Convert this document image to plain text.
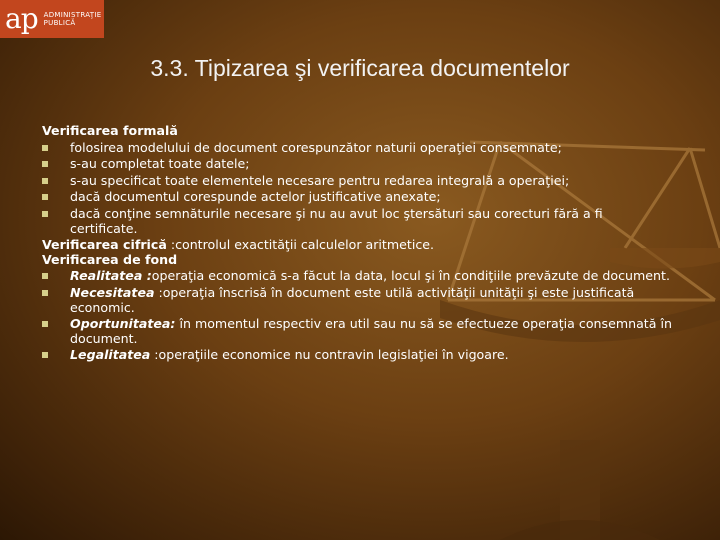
ap ADMINISTRAŢIE
PUBLICĂ
3.3. Tipizarea şi verificarea documentelor
Verificarea formală
folosirea modelului de document corespunzător naturii operaţiei consemnate;
s-au completat toate datele;
s-au specificat toate elementele necesare pentru redarea integrală a operaţiei;
dacă documentul corespunde actelor justificative anexate;
dacă conţine semnăturile necesare şi nu au avut loc ştersături sau corecturi fără a fi certificate.
Verificarea cifrică :controlul exactităţii calculelor aritmetice.
Verificarea de fond
Realitatea :operaţia economică s-a făcut la data, locul şi în condiţiile prevăzute de document.
Necesitatea :operaţia înscrisă în document este utilă activităţii unităţii şi este justificată economic.
Oportunitatea: în momentul respectiv era util sau nu să se efectueze operaţia consemnată în document.
Legalitatea :operaţiile economice nu contravin legislaţiei în vigoare.
